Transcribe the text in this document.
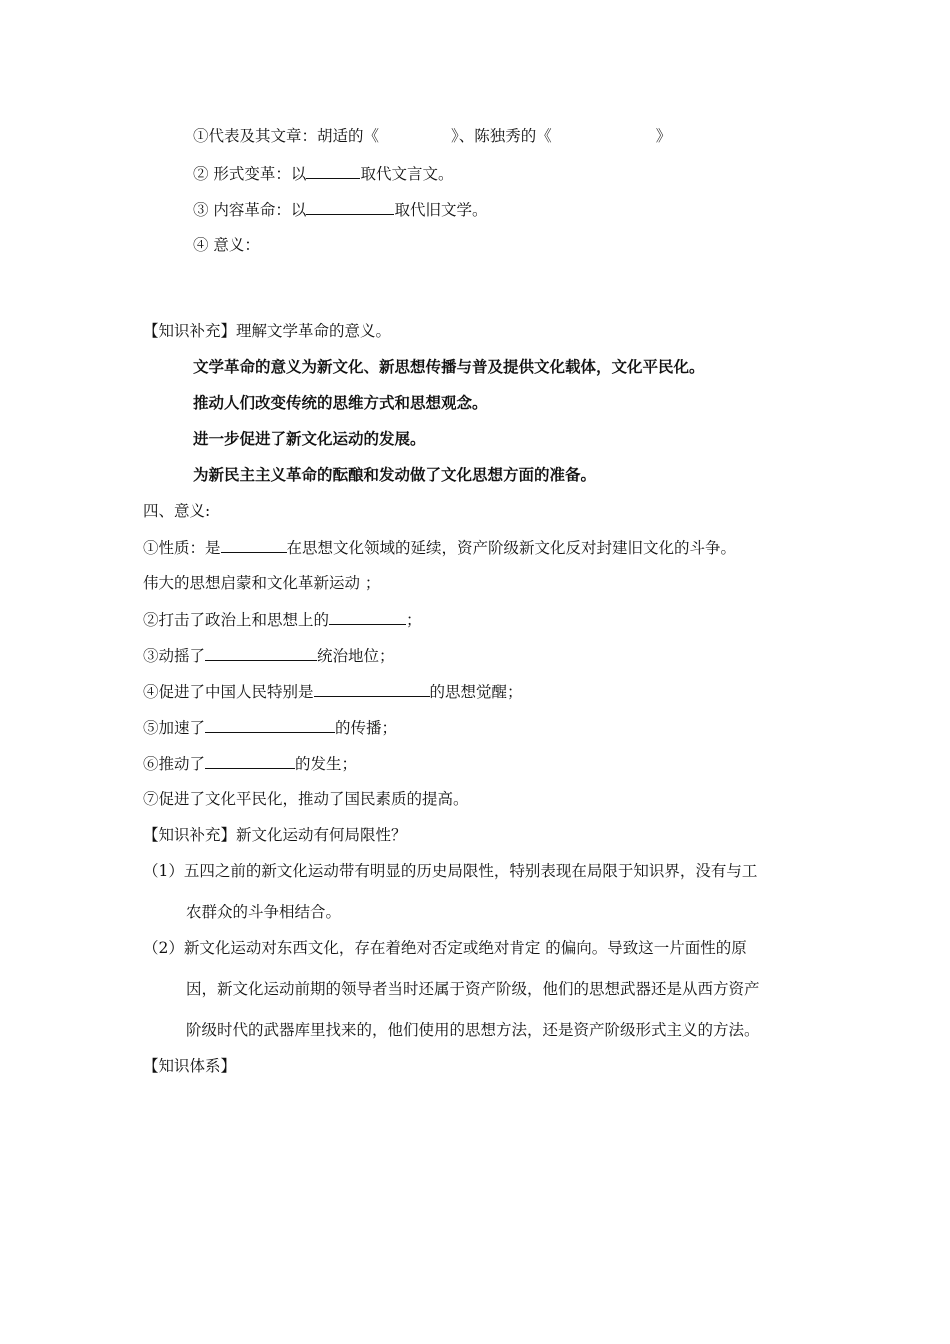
①代表及其文章：胡适的《	》、陈独秀的《	》
② 形式变革：以	取代文言文。
③ 内容革命：以	取代旧文学。
④ 意义：
【知识补充】理解文学革命的意义。
文学革命的意义为新文化、新思想传播与普及提供文化载体，文化平民化。
推动人们改变传统的思维方式和思想观念。
进一步促进了新文化运动的发展。
为新民主主义革命的酝酿和发动做了文化思想方面的准备。
四、意义:
①性质：是	在思想文化领域的延续，资产阶级新文化反对封建旧文化的斗争。
伟大的思想启蒙和文化革新运动 ；
②打击了政治上和思想上的	；
③动摇了	统治地位；
④促进了中国人民特别是	的思想觉醒；
⑤加速了	的传播；
⑥推动了	的发生；
⑦促进了文化平民化，推动了国民素质的提高。
【知识补充】新文化运动有何局限性？
（1）五四之前的新文化运动带有明显的历史局限性，特别表现在局限于知识界，没有与工
农群众的斗争相结合。
（2）新文化运动对东西文化，存在着绝对否定或绝对肯定 的偏向。导致这一片面性的原
因，新文化运动前期的领导者当时还属于资产阶级，他们的思想武器还是从西方资产
阶级时代的武器库里找来的，他们使用的思想方法，还是资产阶级形式主义的方法。
【知识体系】
